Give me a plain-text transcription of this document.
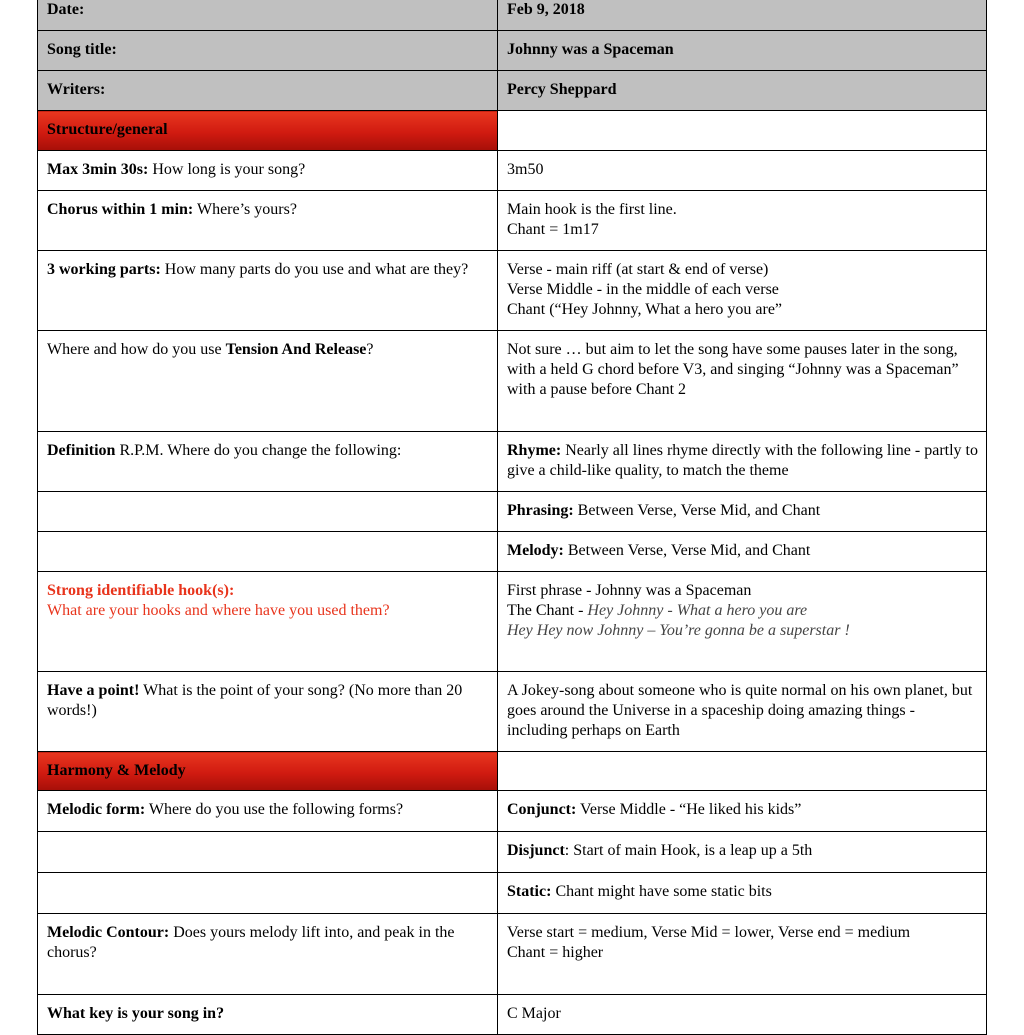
Date:	Feb 9, 2018
Song title:	Johnny was a Spaceman
Writers:	Percy Sheppard
Structure/general	
Max 3min 30s: How long is your song?	3m50
Chorus within 1 min: Where’s yours?	Main hook is the first line.
Chant = 1m17

3 working parts: How many parts do you use and what are they?	Verse - main riff (at start & end of verse)
Verse Middle - in the middle of each verse
Chant (“Hey Johnny, What a hero you are”

Where and how do you use Tension And Release?	Not sure … but aim to let the song have some pauses later in the song, with a held G chord before V3, and singing “Johnny was a Spaceman” with a pause before Chant 2
Definition R.P.M. Where do you change the following:	Rhyme: Nearly all lines rhyme directly with the following line - partly to give a child-like quality, to match the theme
	Phrasing: Between Verse, Verse Mid, and Chant
	Melody: Between Verse, Verse Mid, and Chant

Strong identifiable hook(s):
What are your hooks and where have you used them?	First phrase - Johnny was a Spaceman
The Chant - Hey Johnny - What a hero you are
Hey Hey now Johnny – You’re gonna be a superstar !

Have a point! What is the point of your song? (No more than 20 words!)	A Jokey-song about someone who is quite normal on his own planet, but goes around the Universe in a spaceship doing amazing things - including perhaps on Earth
Harmony & Melody	
Melodic form: Where do you use the following forms?	Conjunct: Verse Middle - “He liked his kids”
	Disjunct: Start of main Hook, is a leap up a 5th
	Static: Chant might have some static bits
Melodic Contour: Does yours melody lift into, and peak in the chorus?	Verse start = medium, Verse Mid = lower, Verse end = medium
Chant = higher

What key is your song in?	C Major
